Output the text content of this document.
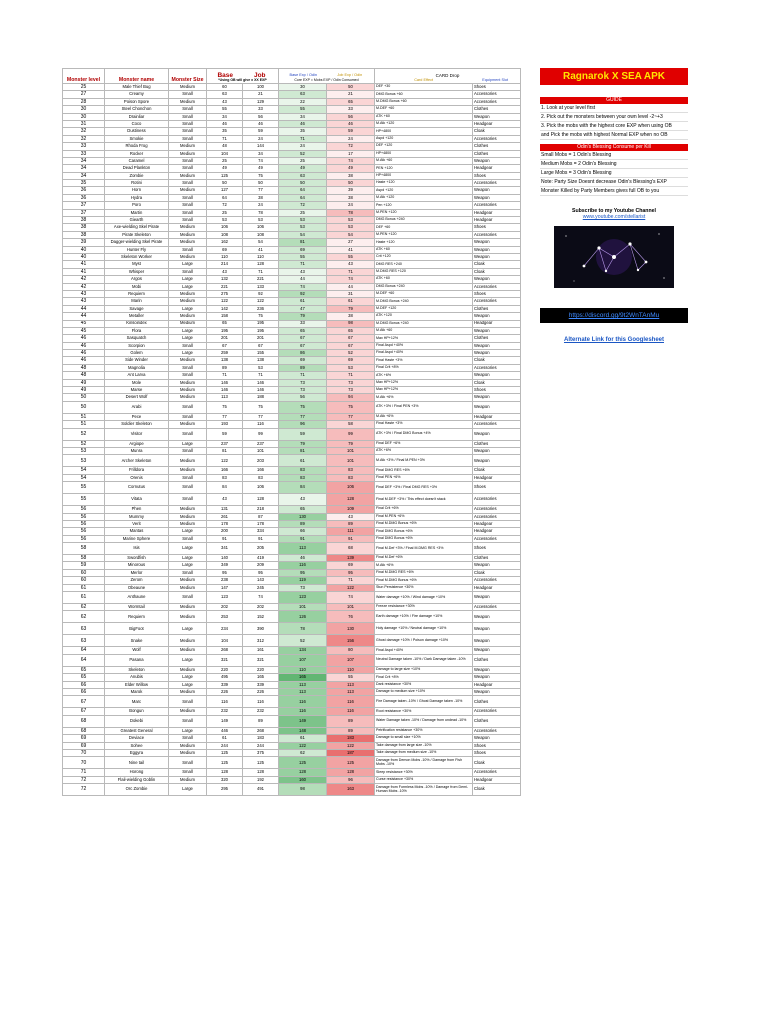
Monster level	Monster name	Monster Size	Base Job
*Using OB will give x XX EXP		Base Exp / Odin Job Exp / Odin
Core EXP = Mobs EXP / Odin Consumed		CARD Drop
Card Effect Equipment Slot	

25	Male Thief Bug	Medium	60	100	30	50	DEF +30	Shoes
27	Creamy	Small	63	21	63	21	DMG Bonus +60	Accessories
28	Poison Spore	Medium	43	129	22	65	M.DMG Bonus +60	Accessories
30	Steel Chonchon	Small	55	33	55	33	M.DEF +60	Clothes
30	Drainliar	Small	34	56	34	56	ATK +60	Weapon
31	Coco	Small	46	46	46	46	M.Atk +120	Headgear
32	Dustiness	Small	35	59	35	59	HP+4800	Cloak
32	Smokie	Small	71	24	71	24	Aspd +120	Accessories
33	Rhoda Frog	Medium	48	144	24	72	DEF +120	Clothes
33	Rocker	Medium	104	34	52	17	HP+4800	Clothes
34	Caramel	Small	25	74	25	74	M.Atk +60	Weapon
34	Dead Plankton	Small	49	49	49	49	PEN +120	Headgear
34	Zombie	Medium	125	75	63	38	HP+4800	Shoes
35	Rotini	Small	50	50	50	50	Haste +120	Accessories
36	Horn	Medium	127	77	64	39	Aspd +120	Weapon
36	Hydra	Small	64	38	64	38	M.Atk +120	Weapon
37	Poro	Small	72	24	72	24	Pen +120	Accessories
37	Martin	Small	25	78	25	78	M.PEN +120	Headgear
38	Giearth	Small	53	53	53	53	DMG Bonus +240	Headgear
38	Axe-wielding Skel Pirate	Medium	106	106	53	53	DEF +60	Shoes
38	Pirate Skeleton	Medium	108	108	54	54	M.PEN +120	Accessories
39	Dagger-wielding Skel Pirate	Medium	162	54	81	27	Haste +120	Weapon
40	Hunter Fly	Small	69	41	69	41	ATK +60	Weapon
40	Skeleton Worker	Medium	110	110	55	55	Crit +120	Weapon
41	Myst	Large	214	128	71	43	DMG RES +240	Cloak
41	Whisper	Small	43	71	43	71	M.DMG RES +120	Cloak
42	Argos	Large	132	221	44	74	ATK +60	Weapon
42	Mobi	Large	221	133	74	44	DMG Bonus +240	Accessories
43	Requiem	Medium	275	92	92	31	M.DEF +60	Shoes
43	Marin	Medium	122	122	61	61	M.DMG Bonus +240	Accessories
44	Savage	Large	142	236	47	79	M.DEF +120	Clothes
44	Metaller	Medium	158	75	79	38	ATK +120	Weapon
45	Kinsoindex	Medium	65	195	33	98	M.DMG Bonus +240	Headgear
45	Flora	Large	195	195	65	65	M.Atk +60	Weapon
46	Sasquatch	Large	201	201	67	67	Max HP+12%	Clothes
46	Scorpion	Small	67	67	67	67	Final Aspd +40%	Weapon
46	Golem	Large	259	155	86	52	Final Aspd +40%	Weapon
46	Side Winder	Medium	138	138	69	69	Final Haste +3%	Cloak
48	Magnolia	Small	89	53	89	53	Final Crit +8%	Accessories
48	Ant Larva	Small	71	71	71	71	ATK +6%	Weapon
49	Mole	Medium	146	146	73	73	Max HP+12%	Cloak
49	Marse	Medium	146	146	73	73	Max HP+12%	Shoes
50	Desert Wolf	Medium	113	188	56	94	M.Atk +6%	Weapon
50	Arabi	Small	75	75	75	75	ATK +3% / Final PEN +3%	Weapon
51	Pece	Small	77	77	77	77	M.Atk +6%	Headgear
51	Soldier Skeleton	Medium	193	116	96	58	Final Haste +3%	Accessories
52	Visitor	Small	59	99	59	99	ATK +3% / Final DMG Bonus +4%	Weapon
52	Argiope	Large	237	237	79	79	Final DEF +6%	Clothes
53	Munra	Small	81	101	81	101	ATK +6%	Weapon
53	Archer Skeleton	Medium	122	203	61	101	M.Atk +3% / Final M.PEN +3%	Weapon
54	Frilldora	Medium	166	166	83	83	Final DMG RES +6%	Cloak
54	Orenis	Small	83	83	83	83	Final PEN +6%	Headgear
55	Cornutus	Small	84	106	84	106	Final DEF +3% / Final DMG RES +3%	Shoes
55	Vitata	Small	43	128	43	128	Final M.DEF +3% / This effect doesn't stack	Accessories
56	Phen	Medium	131	218	65	109	Final Crit +6%	Accessories
56	Mummy	Medium	261	87	130	43	Final M.PEN +6%	Accessories
56	Verit	Medium	178	178	89	89	Final M.DMG Bonus +6%	Headgear
56	Mantas	Large	200	334	66	111	Final DMG Bonus +6%	Headgear
56	Marine Sphere	Small	91	91	91	91	Final DMG Bonus +6%	Accessories
58	Isis	Large	341	205	113	68	Final M.Def +3% / Final M.DMG RES +3%	Shoes
58	Swordfish	Large	140	419	46	139	Final M.Def +6%	Clothes
59	Minorous	Large	349	209	116	69	M.Atk +6%	Weapon
60	Merlor	Small	95	95	95	95	Final M.DMG RES +6%	Cloak
60	Zerom	Medium	238	143	119	71	Final M.DMG Bonus +6%	Accessories
61	Obeaune	Medium	147	245	73	122	Stun Persistence +30%	Headgear
61	Anthaune	Small	123	74	123	74	Water damage +10% / Wind damage +10%	Weapon
62	Wormtail	Medium	202	202	101	101	Freeze resistance +30%	Accessories
62	Requiem	Medium	253	152	126	76	Earth damage +10% / Fire damage +10%	Weapon
63	BigFoot	Large	234	390	78	130	Holy damage +10% / Neutral damage +10%	Weapon
63	Snake	Medium	104	312	52	156	Ghost damage +10% / Poison damage +10%	Weapon
64	Wolf	Medium	268	161	134	80	Final Aspd +40%	Weapon
64	Pasana	Large	321	321	107	107	Neutral Damage taken -10% / Dark Damage taken -10%	Clothes
65	Skeleton	Medium	220	220	110	110	Damage to large size +10%	Weapon
65	Anubis	Large	495	165	165	55	Final Crit +8%	Weapon
66	Elder Willow	Large	339	339	113	113	Dark resistance +30%	Headgear
66	Marok	Medium	226	226	113	113	Damage to medium size +10%	Weapon
67	Marc	Small	116	116	116	116	Fire Damage taken -10% / Ghost Damage taken -10%	Clothes
67	Bongun	Medium	232	232	116	116	Root resistance +30%	Accessories
68	Dokebi	Small	149	89	149	89	Water Damage taken -10% / Damage from undead -10%	Clothes
68	Greatest General	Large	446	268	148	89	Petrification resistance +30%	Accessories
69	Deviace	Small	61	183	61	183	Damage to small size +10%	Weapon
69	Sohee	Medium	244	244	122	122	Take damage from large size -10%	Shoes
70	Eggyra	Medium	125	375	62	187	Take damage from medium size -10%	Shoes
70	Nine tail	Small	125	125	125	125	Damage from Demon Mobs -10% / Damage from Fish Mobs -10%	Cloak
71	Horong	Small	128	128	128	128	Sleep resistance +30%	Accessories
72	Flail-wielding Goblin	Medium	320	192	160	96	Curse resistance +30%	Headgear
72	Orc Zombie	Large	295	491	98	163	Damage from Formless Mobs -10% / Damage from Demi-Human Mobs -10%	Cloak
Ragnarok X SEA APK
GUIDE
1. Look at your level first
2. Pick out the monsters between your own level -2~+3
3. Pick the mobs with the highest core EXP when using OB
and Pick the mobs with highest Normal EXP when no OB
Odin's Blessing Consume per Kill
Small Mobs = 1 Odin's Blessing
Medium Mobs = 2 Odin's Blessing
Large Mobs = 3 Odin's Blessing
Note: Party Size Doesnt decrease Odin's Blessing's EXP
Monster Killed by Party Members gives full OB to you
Subscribe to my Youtube Channel
www.youtube.com/stellarist
https://discord.gg/9t2WnTAnMu
Alternate Link for this Googlesheet
